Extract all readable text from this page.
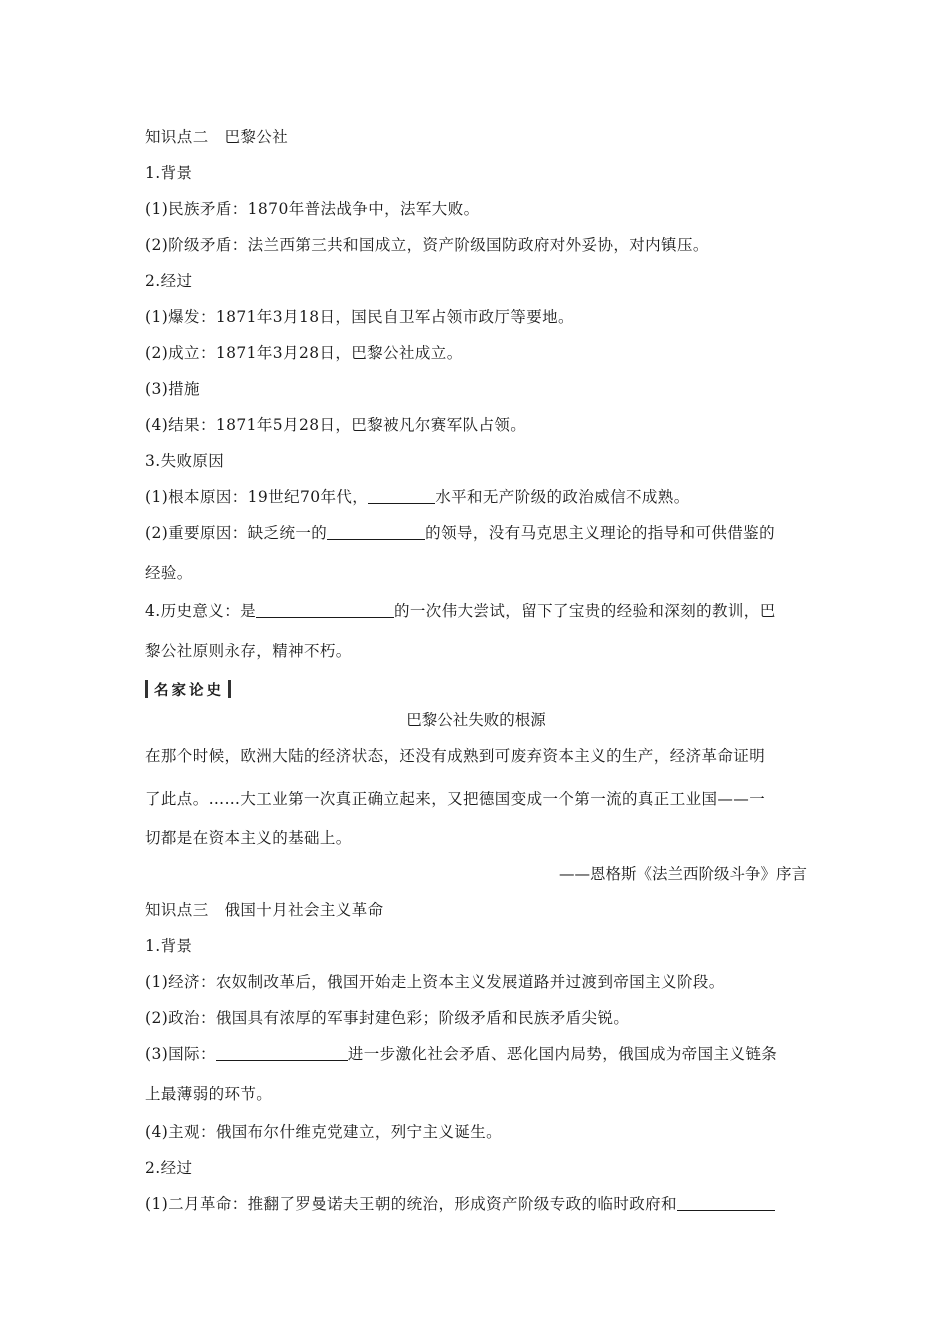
知识点二　巴黎公社
1.背景
(1)民族矛盾：1870年普法战争中，法军大败。
(2)阶级矛盾：法兰西第三共和国成立，资产阶级国防政府对外妥协，对内镇压。
2.经过
(1)爆发：1871年3月18日，国民自卫军占领市政厅等要地。
(2)成立：1871年3月28日，巴黎公社成立。
(3)措施
(4)结果：1871年5月28日，巴黎被凡尔赛军队占领。
3.失败原因
(1)根本原因：19世纪70年代，	水平和无产阶级的政治威信不成熟。
(2)重要原因：缺乏统一的	的领导，没有马克思主义理论的指导和可供借鉴的
经验。
4.历史意义：是	的一次伟大尝试，留下了宝贵的经验和深刻的教训，巴
黎公社原则永存，精神不朽。
名家论史
巴黎公社失败的根源
在那个时候，欧洲大陆的经济状态，还没有成熟到可废弃资本主义的生产，经济革命证明
了此点。……大工业第一次真正确立起来，又把德国变成一个第一流的真正工业国——一
切都是在资本主义的基础上。
——恩格斯《法兰西阶级斗争》序言
知识点三　俄国十月社会主义革命
1.背景
(1)经济：农奴制改革后，俄国开始走上资本主义发展道路并过渡到帝国主义阶段。
(2)政治：俄国具有浓厚的军事封建色彩；阶级矛盾和民族矛盾尖锐。
(3)国际：	进一步激化社会矛盾、恶化国内局势，俄国成为帝国主义链条
上最薄弱的环节。
(4)主观：俄国布尔什维克党建立，列宁主义诞生。
2.经过
(1)二月革命：推翻了罗曼诺夫王朝的统治，形成资产阶级专政的临时政府和
